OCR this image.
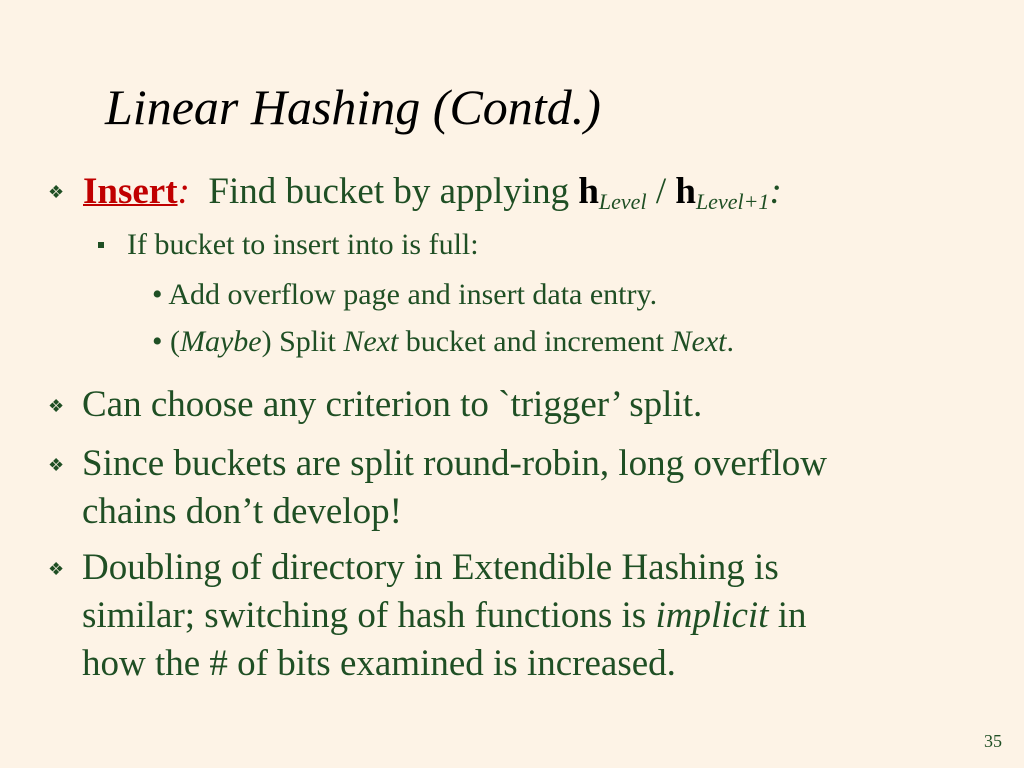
Linear Hashing (Contd.)
❖ Insert: Find bucket by applying $h_{Level} / h_{Level+1}$:
If bucket to insert into is full:
• Add overflow page and insert data entry.
• (Maybe) Split Next bucket and increment Next.
❖ Can choose any criterion to `trigger’ split.
❖ Since buckets are split round-robin, long overflow
chains don’t develop!
❖ Doubling of directory in Extendible Hashing is
similar; switching of hash functions is implicit in
how the # of bits examined is increased.
35
